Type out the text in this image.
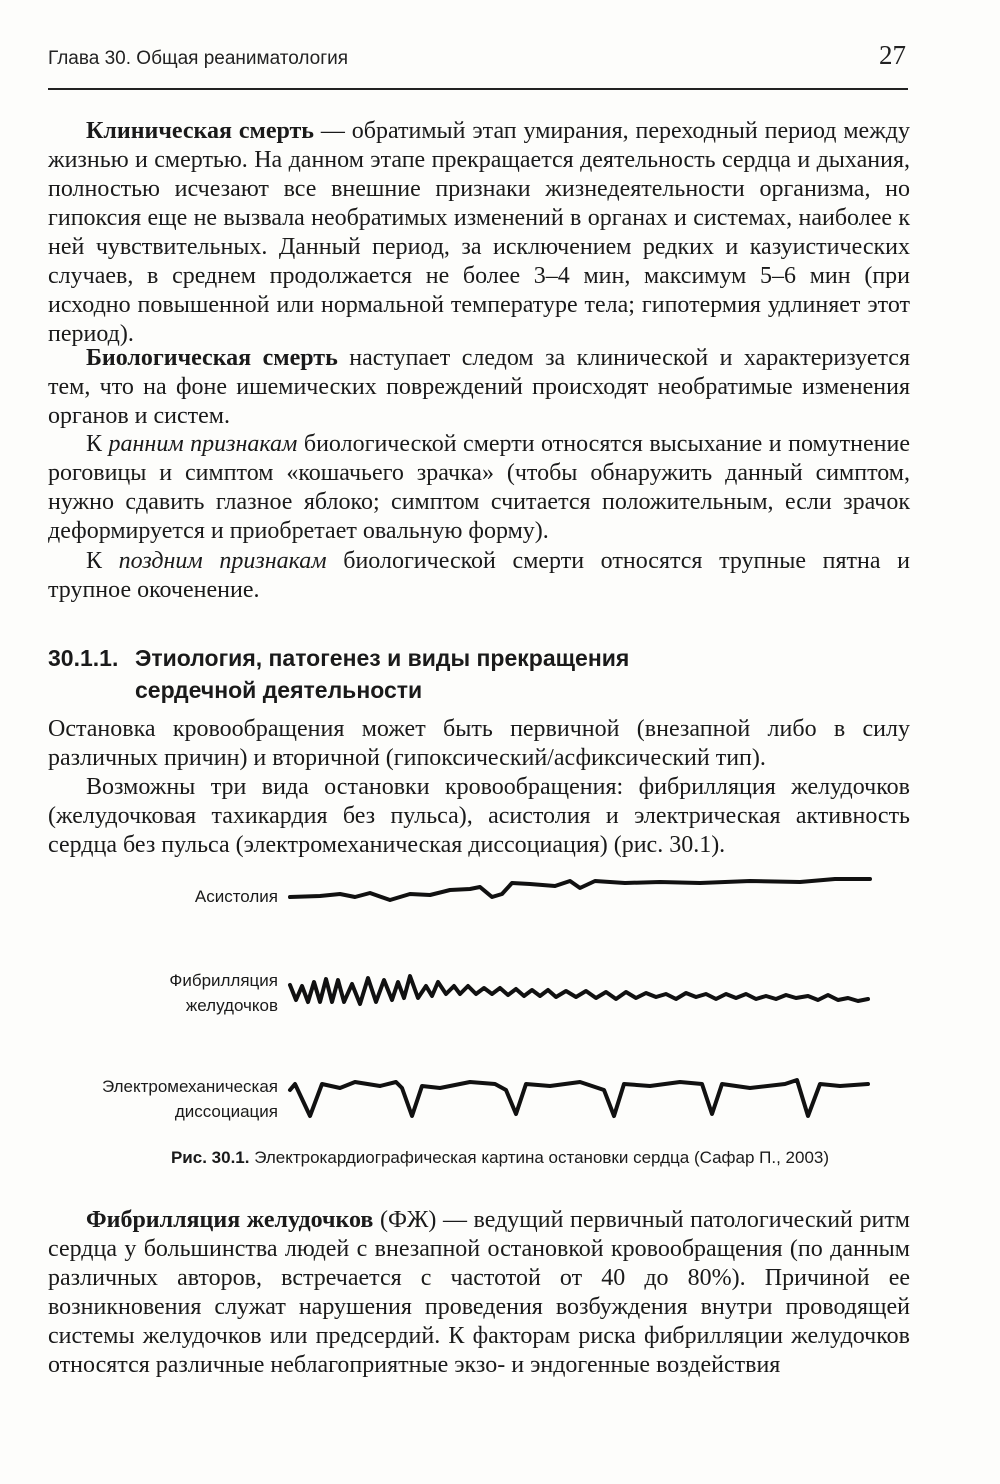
Глава 30. Общая реаниматология	27

Клиническая смерть — обратимый этап умирания, переходный период между жизнью и смертью. На данном этапе прекращается деятельность сердца и дыхания, полностью исчезают все внешние признаки жизнедеятельности организма, но гипоксия еще не вызвала необратимых изменений в органах и системах, наиболее к ней чувствительных. Данный период, за исключением редких и казуистических случаев, в среднем продолжается не более 3–4 мин, максимум 5–6 мин (при исходно повышенной или нормальной температуре тела; гипотермия удлиняет этот период).

Биологическая смерть наступает следом за клинической и характеризуется тем, что на фоне ишемических повреждений происходят необратимые изменения органов и систем.

К ранним признакам биологической смерти относятся высыхание и помутнение роговицы и симптом «кошачьего зрачка» (чтобы обнаружить данный симптом, нужно сдавить глазное яблоко; симптом считается положительным, если зрачок деформируется и приобретает овальную форму).

К поздним признакам биологической смерти относятся трупные пятна и трупное окоченение.

30.1.1. Этиология, патогенез и виды прекращения сердечной деятельности

Остановка кровообращения может быть первичной (внезапной либо в силу различных причин) и вторичной (гипоксический/асфиксический тип).

Возможны три вида остановки кровообращения: фибрилляция желудочков (желудочковая тахикардия без пульса), асистолия и электрическая активность сердца без пульса (электромеханическая диссоциация) (рис. 30.1).

Асистолия
Фибрилляция желудочков
Электромеханическая диссоциация
Рис. 30.1. Электрокардиографическая картина остановки сердца (Сафар П., 2003)

Фибрилляция желудочков (ФЖ) — ведущий первичный патологический ритм сердца у большинства людей с внезапной остановкой кровообращения (по данным различных авторов, встречается с частотой от 40 до 80%). Причиной ее возникновения служат нарушения проведения возбуждения внутри проводящей системы желудочков или предсердий. К факторам риска фибрилляции желудочков относятся различные неблагоприятные экзо- и эндогенные воздействия
